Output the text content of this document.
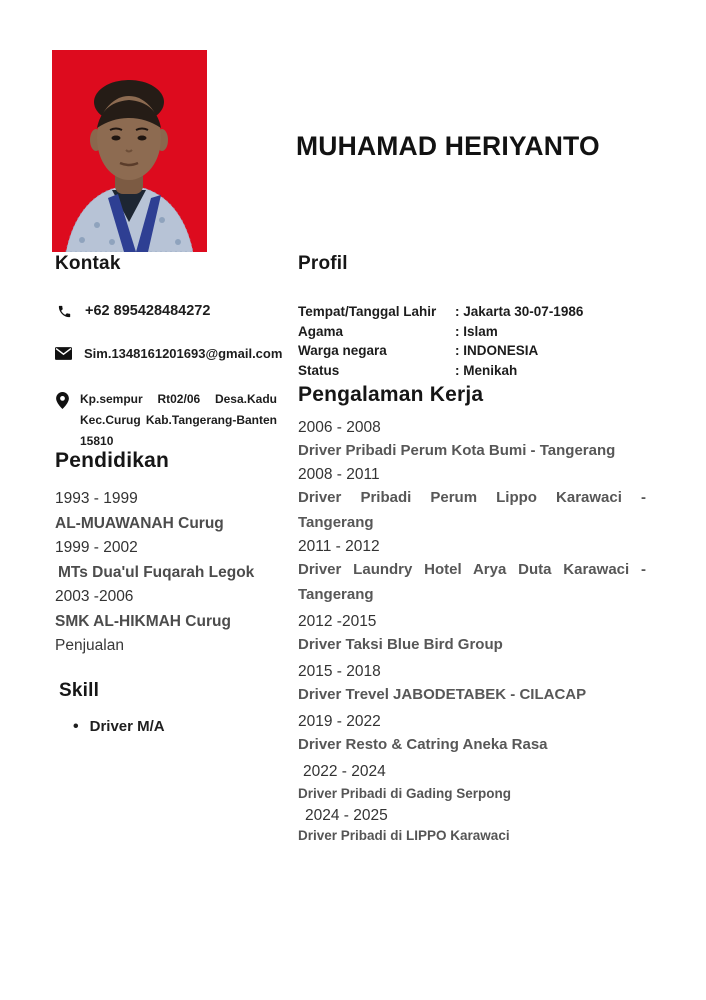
MUHAMAD HERIYANTO
Kontak
+62 895428484272
Sim.1348161201693@gmail.com
Kp.sempur Rt02/06 Desa.Kadu
Kec.Curug Kab.Tangerang-Banten
15810
Pendidikan
1993 - 1999
AL-MUAWANAH Curug
1999 - 2002
MTs Dua'ul Fuqarah Legok
2003 -2006
SMK AL-HIKMAH Curug
Penjualan
Skill
• Driver M/A
Profil
Tempat/Tanggal Lahir	: Jakarta 30-07-1986
Agama	: Islam
Warga negara	: INDONESIA
Status	: Menikah
Pengalaman Kerja
2006 - 2008
Driver Pribadi Perum Kota Bumi - Tangerang
2008 - 2011
Driver Pribadi Perum Lippo Karawaci - Tangerang
2011 - 2012
Driver Laundry Hotel Arya Duta Karawaci - Tangerang
2012 -2015
Driver Taksi Blue Bird Group
2015 - 2018
Driver Trevel JABODETABEK - CILACAP
2019 - 2022
Driver Resto & Catring Aneka Rasa
2022 - 2024
Driver Pribadi di Gading Serpong
2024 - 2025
Driver Pribadi di LIPPO Karawaci
